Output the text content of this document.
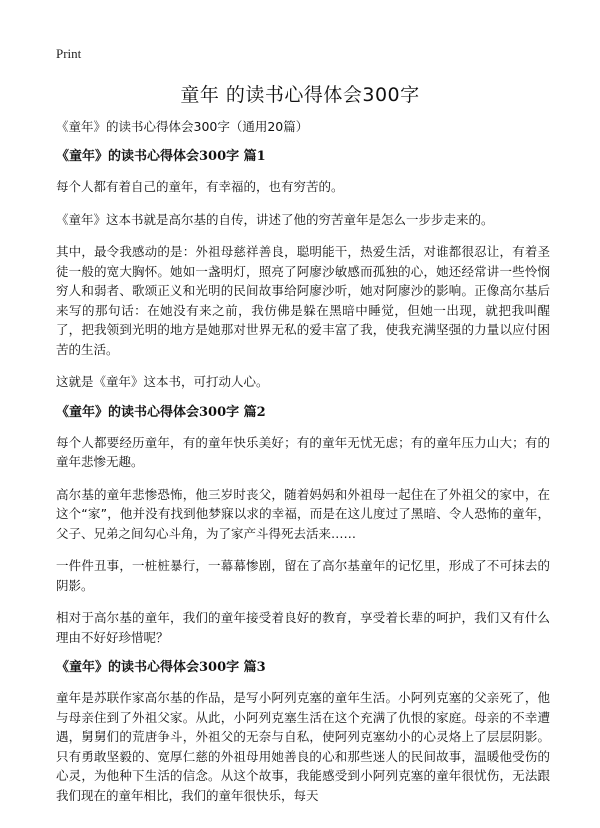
Print
童年 的读书心得体会300字
《童年》的读书心得体会300字（通用20篇）
《童年》的读书心得体会300字 篇1

每个人都有着自己的童年，有幸福的，也有穷苦的。

《童年》这本书就是高尔基的自传，讲述了他的穷苦童年是怎么一步步走来的。

其中，最令我感动的是：外祖母慈祥善良，聪明能干，热爱生活，对谁都很忍让，有着圣徒一般的宽大胸怀。她如一盏明灯，照亮了阿廖沙敏感而孤独的心，她还经常讲一些怜悯穷人和弱者、歌颂正义和光明的民间故事给阿廖沙听，她对阿廖沙的影响。正像高尔基后来写的那句话：在她没有来之前，我仿佛是躲在黑暗中睡觉，但她一出现，就把我叫醒了，把我领到光明的地方是她那对世界无私的爱丰富了我，使我充满坚强的力量以应付困苦的生活。

这就是《童年》这本书，可打动人心。

《童年》的读书心得体会300字 篇2

每个人都要经历童年，有的童年快乐美好；有的童年无忧无虑；有的童年压力山大；有的童年悲惨无趣。

高尔基的童年悲惨恐怖，他三岁时丧父，随着妈妈和外祖母一起住在了外祖父的家中，在这个“家”，他并没有找到他梦寐以求的幸福，而是在这儿度过了黑暗、令人恐怖的童年，父子、兄弟之间勾心斗角，为了家产斗得死去活来……

一件件丑事，一桩桩暴行，一幕幕惨剧，留在了高尔基童年的记忆里，形成了不可抹去的阴影。

相对于高尔基的童年，我们的童年接受着良好的教育，享受着长辈的呵护，我们又有什么理由不好好珍惜呢？

《童年》的读书心得体会300字 篇3

童年是苏联作家高尔基的作品，是写小阿列克塞的童年生活。小阿列克塞的父亲死了，他与母亲住到了外祖父家。从此，小阿列克塞生活在这个充满了仇恨的家庭。母亲的不幸遭遇，舅舅们的荒唐争斗，外祖父的无奈与自私，使阿列克塞幼小的心灵烙上了层层阴影。只有勇敢坚毅的、宽厚仁慈的外祖母用她善良的心和那些迷人的民间故事，温暖他受伤的心灵，为他种下生活的信念。从这个故事，我能感受到小阿列克塞的童年很忧伤，无法跟我们现在的童年相比，我们的童年很快乐，每天
